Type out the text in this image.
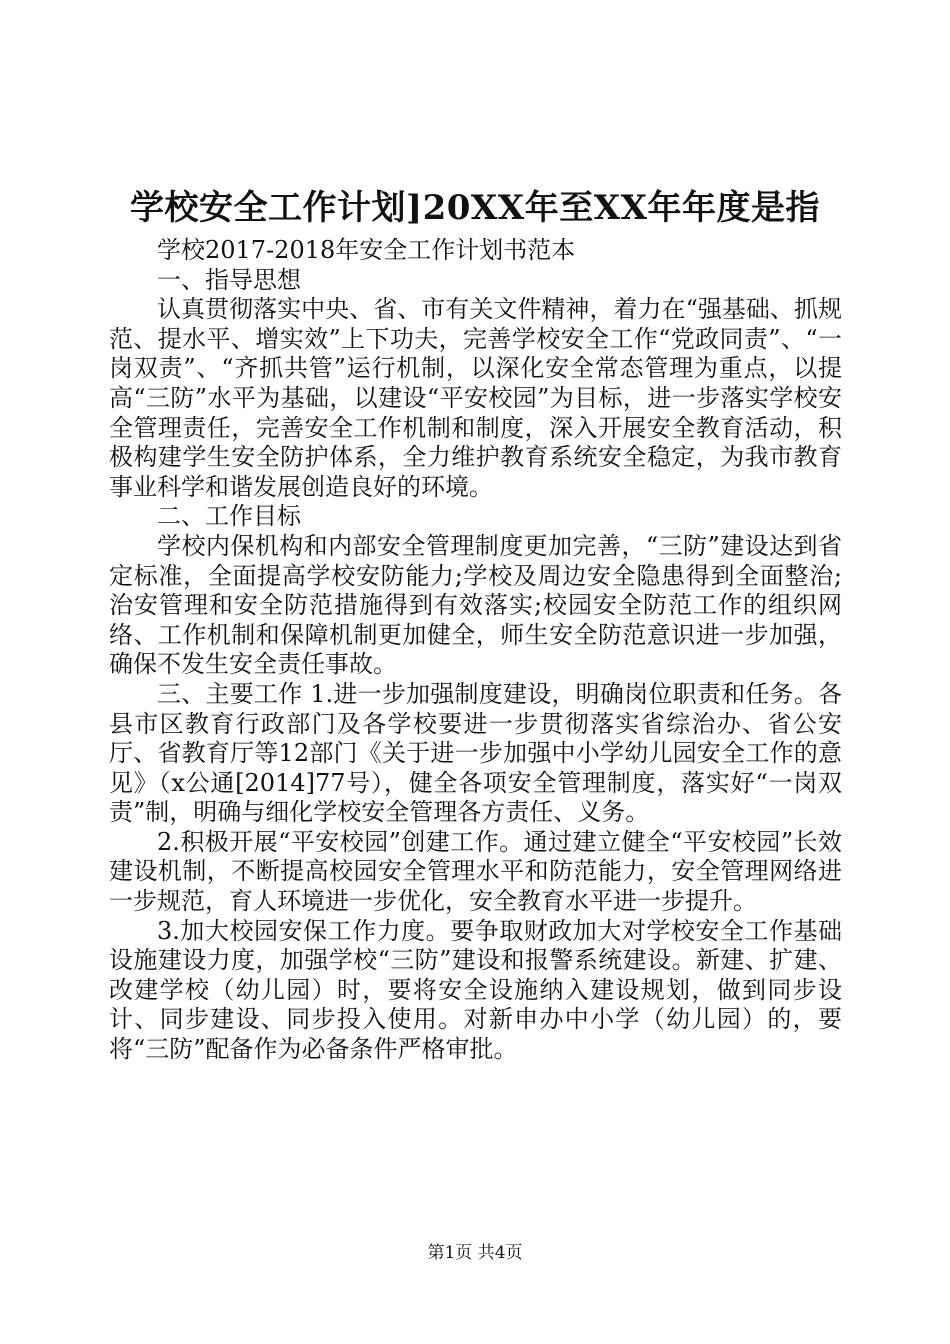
学校安全工作计划]20XX年至XX年年度是指

学校2017-2018年安全工作计划书范本

一、指导思想

认真贯彻落实中央、省、市有关文件精神，着力在“强基础、抓规范、提水平、增实效”上下功夫，完善学校安全工作“党政同责”、“一岗双责”、“齐抓共管”运行机制，以深化安全常态管理为重点，以提高“三防”水平为基础，以建设“平安校园”为目标，进一步落实学校安全管理责任，完善安全工作机制和制度，深入开展安全教育活动，积极构建学生安全防护体系，全力维护教育系统安全稳定，为我市教育事业科学和谐发展创造良好的环境。

二、工作目标

学校内保机构和内部安全管理制度更加完善，“三防”建设达到省定标准，全面提高学校安防能力;学校及周边安全隐患得到全面整治;治安管理和安全防范措施得到有效落实;校园安全防范工作的组织网络、工作机制和保障机制更加健全，师生安全防范意识进一步加强，确保不发生安全责任事故。

三、主要工作 1.进一步加强制度建设，明确岗位职责和任务。各县市区教育行政部门及各学校要进一步贯彻落实省综治办、省公安厅、省教育厅等12部门《关于进一步加强中小学幼儿园安全工作的意见》（x公通[2014]77号），健全各项安全管理制度，落实好“一岗双责”制，明确与细化学校安全管理各方责任、义务。

2.积极开展“平安校园”创建工作。通过建立健全“平安校园”长效建设机制，不断提高校园安全管理水平和防范能力，安全管理网络进一步规范，育人环境进一步优化，安全教育水平进一步提升。

3.加大校园安保工作力度。要争取财政加大对学校安全工作基础设施建设力度，加强学校“三防”建设和报警系统建设。新建、扩建、改建学校（幼儿园）时，要将安全设施纳入建设规划，做到同步设计、同步建设、同步投入使用。对新申办中小学（幼儿园）的，要将“三防”配备作为必备条件严格审批。

第1页 共4页
